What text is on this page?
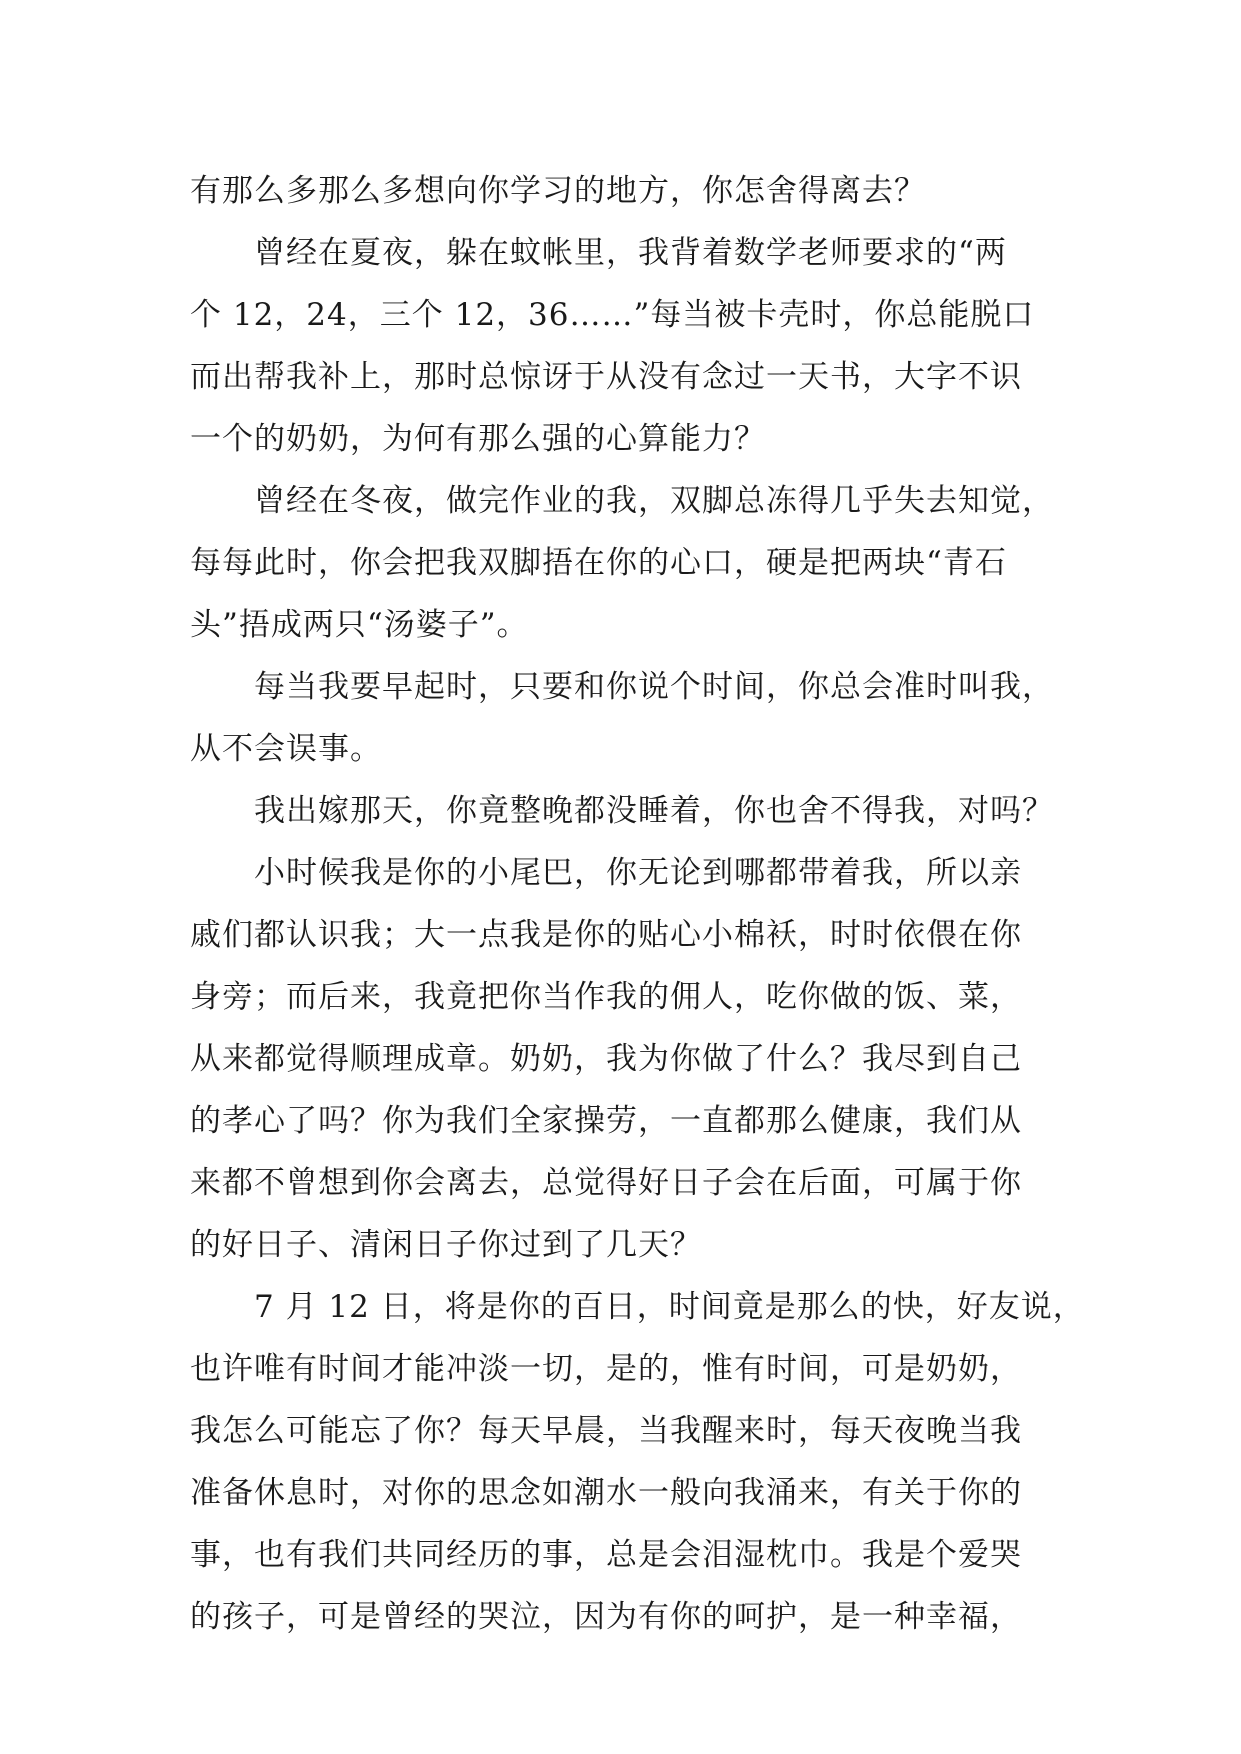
有那么多那么多想向你学习的地方，你怎舍得离去？
曾经在夏夜，躲在蚊帐里，我背着数学老师要求的“两
个 12，24，三个 12，36……”每当被卡壳时，你总能脱口
而出帮我补上，那时总惊讶于从没有念过一天书，大字不识
一个的奶奶，为何有那么强的心算能力？
曾经在冬夜，做完作业的我，双脚总冻得几乎失去知觉，
每每此时，你会把我双脚捂在你的心口，硬是把两块“青石
头”捂成两只“汤婆子”。
每当我要早起时，只要和你说个时间，你总会准时叫我，
从不会误事。
我出嫁那天，你竟整晚都没睡着，你也舍不得我，对吗？
小时候我是你的小尾巴，你无论到哪都带着我，所以亲
戚们都认识我；大一点我是你的贴心小棉袄，时时依偎在你
身旁；而后来，我竟把你当作我的佣人，吃你做的饭、菜，
从来都觉得顺理成章。奶奶，我为你做了什么？我尽到自己
的孝心了吗？你为我们全家操劳，一直都那么健康，我们从
来都不曾想到你会离去，总觉得好日子会在后面，可属于你
的好日子、清闲日子你过到了几天？
7 月 12 日，将是你的百日，时间竟是那么的快，好友说，
也许唯有时间才能冲淡一切，是的，惟有时间，可是奶奶，
我怎么可能忘了你？每天早晨，当我醒来时，每天夜晚当我
准备休息时，对你的思念如潮水一般向我涌来，有关于你的
事，也有我们共同经历的事，总是会泪湿枕巾。我是个爱哭
的孩子，可是曾经的哭泣，因为有你的呵护，是一种幸福，
